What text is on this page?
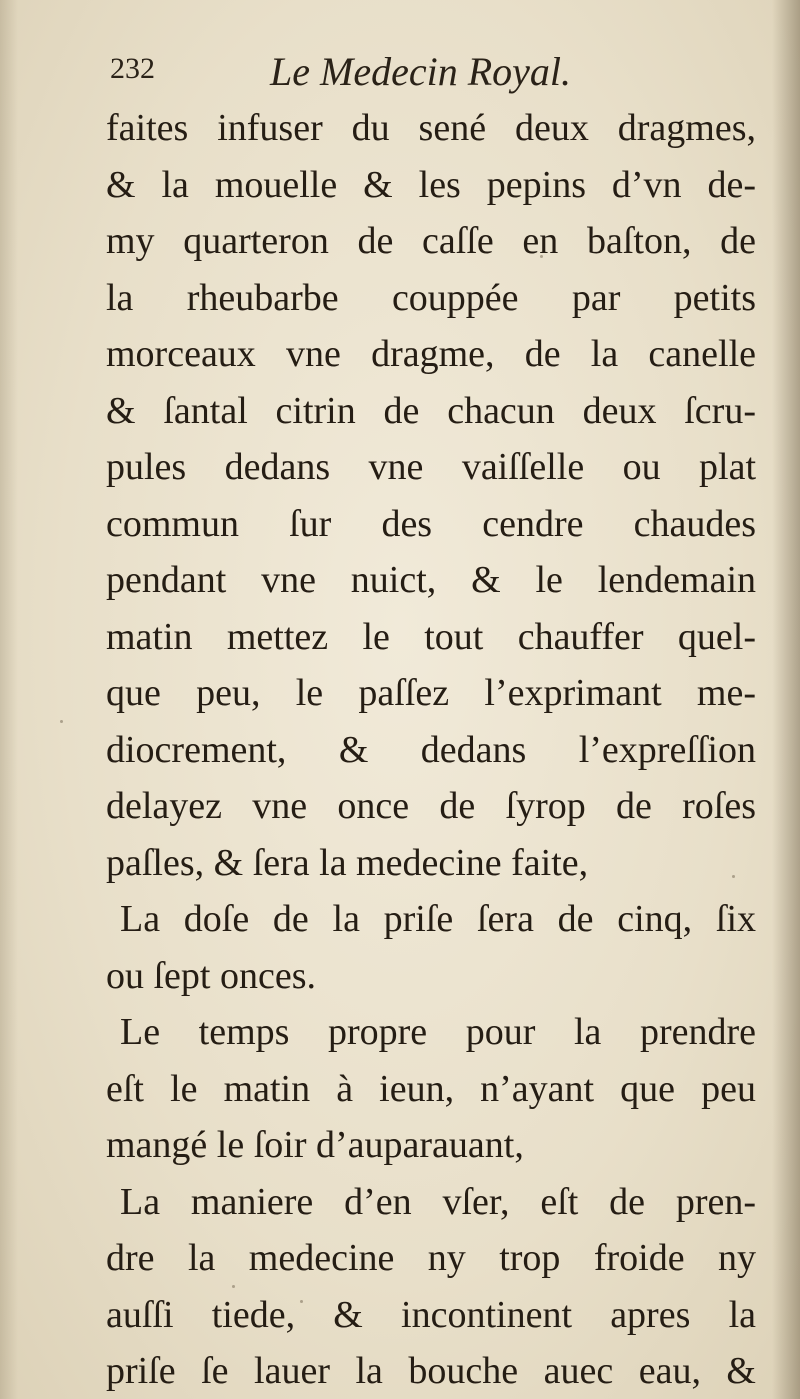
232	Le Medecin Royal.
faites infuser du sené deux dragmes,
& la mouelle & les pepins d’vn de-
my quarteron de caſſe en baſton, de
la rheubarbe couppée par petits
morceaux vne dragme, de la canelle
& ſantal citrin de chacun deux ſcru-
pules dedans vne vaiſſelle ou plat
commun ſur des cendre chaudes
pendant vne nuict, & le lendemain
matin mettez le tout chauffer quel-
que peu, le paſſez l’exprimant me-
diocrement, & dedans l’expreſſion
delayez vne once de ſyrop de roſes
paſles, & ſera la medecine faite,
La doſe de la priſe ſera de cinq, ſix
ou ſept onces.
Le temps propre pour la prendre
eſt le matin à ieun, n’ayant que peu
mangé le ſoir d’auparauant,
La maniere d’en vſer, eſt de pren-
dre la medecine ny trop froide ny
auſſi tiede, & incontinent apres la
priſe ſe lauer la bouche auec eau, &
